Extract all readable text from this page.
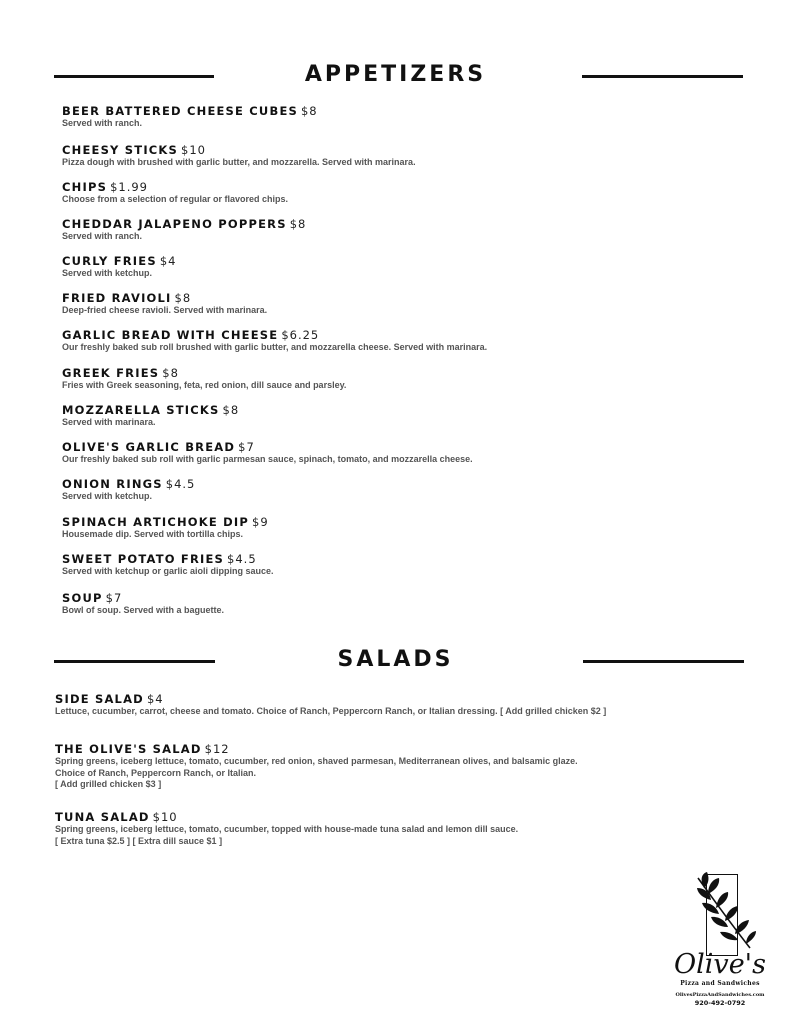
APPETIZERS
BEER BATTERED CHEESE CUBES $8
Served with ranch.
CHEESY STICKS $10
Pizza dough with brushed with garlic butter, and mozzarella. Served with marinara.
CHIPS $1.99
Choose from a selection of regular or flavored chips.
CHEDDAR JALAPENO POPPERS $8
Served with ranch.
CURLY FRIES $4
Served with ketchup.
FRIED RAVIOLI $8
Deep-fried cheese ravioli. Served with marinara.
GARLIC BREAD WITH CHEESE $6.25
Our freshly baked sub roll brushed with garlic butter, and mozzarella cheese. Served with marinara.
GREEK FRIES $8
Fries with Greek seasoning, feta, red onion, dill sauce and parsley.
MOZZARELLA STICKS $8
Served with marinara.
OLIVE'S GARLIC BREAD $7
Our freshly baked sub roll with garlic parmesan sauce, spinach, tomato, and mozzarella cheese.
ONION RINGS $4.5
Served with ketchup.
SPINACH ARTICHOKE DIP $9
Housemade dip. Served with tortilla chips.
SWEET POTATO FRIES $4.5
Served with ketchup or garlic aioli dipping sauce.
SOUP $7
Bowl of soup. Served with a baguette.
SALADS
SIDE SALAD $4
Lettuce, cucumber, carrot, cheese and tomato. Choice of Ranch, Peppercorn Ranch, or Italian dressing. [ Add grilled chicken $2 ]
THE OLIVE'S SALAD $12
Spring greens, iceberg lettuce, tomato, cucumber, red onion, shaved parmesan, Mediterranean olives, and balsamic glaze.
Choice of Ranch, Peppercorn Ranch, or Italian.
[ Add grilled chicken $3 ]
TUNA SALAD $10
Spring greens, iceberg lettuce, tomato, cucumber, topped with house-made tuna salad and lemon dill sauce.
[ Extra tuna $2.5 ] [ Extra dill sauce $1 ]
Olive's
Pizza and Sandwiches
OlivesPizzaAndSandwiches.com
920-492-0792
